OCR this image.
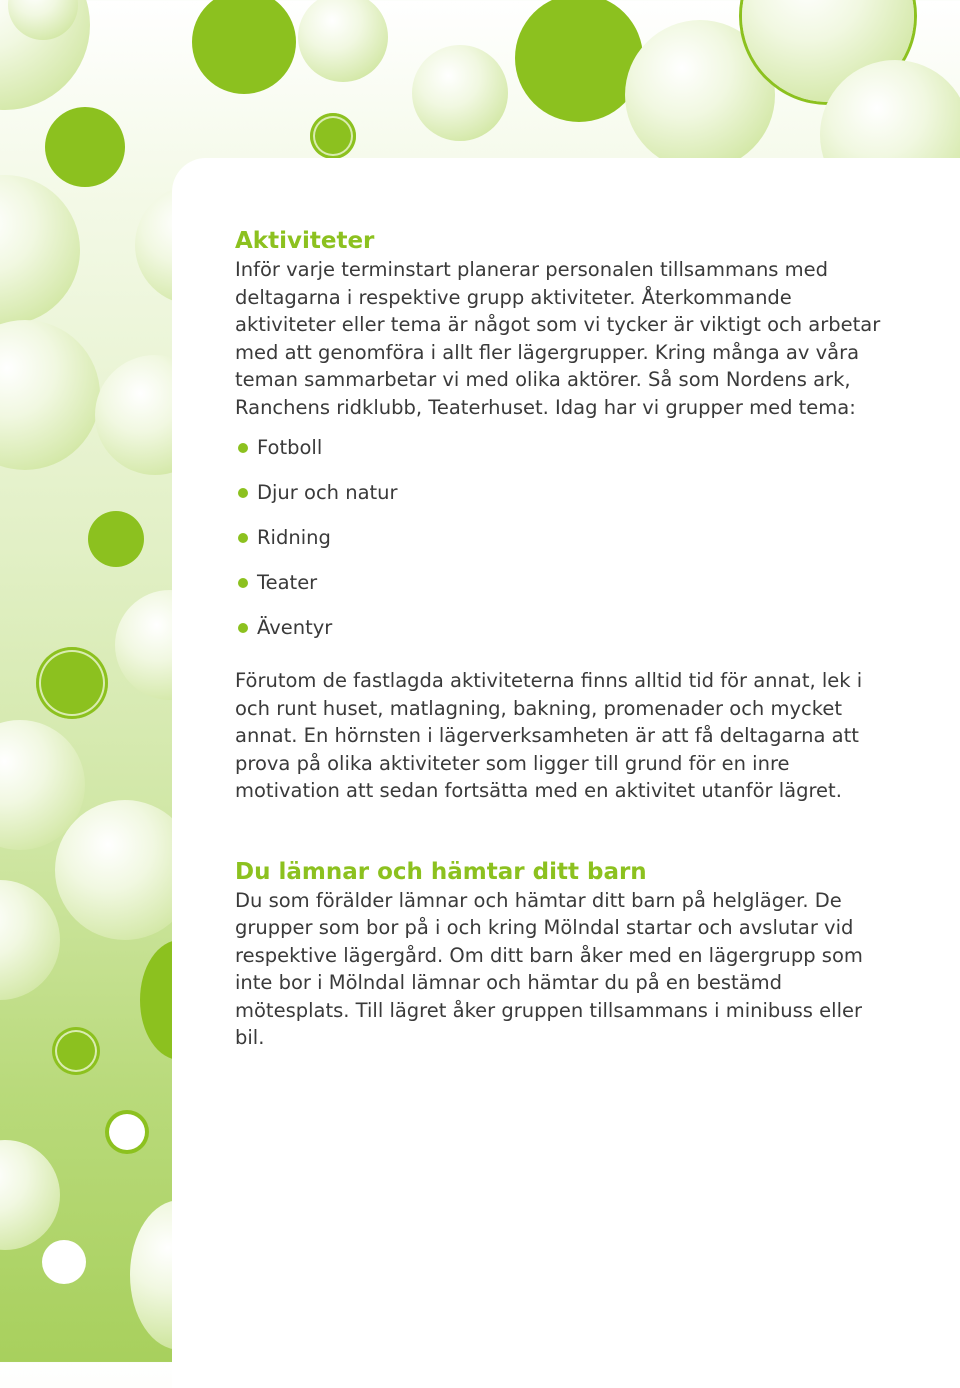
Aktiviteter

Inför varje terminstart planerar personalen tillsammans med deltagarna i respektive grupp aktiviteter. Återkommande aktiviteter eller tema är något som vi tycker är viktigt och arbetar med att genomföra i allt fler lägergrupper. Kring många av våra teman sammarbetar vi med olika aktörer. Så som Nordens ark, Ranchens ridklubb, Teaterhuset. Idag har vi grupper med tema:

Fotboll
Djur och natur
Ridning
Teater
Äventyr

Förutom de fastlagda aktiviteterna finns alltid tid för annat, lek i och runt huset, matlagning, bakning, promenader och mycket annat. En hörnsten i lägerverksamheten är att få deltagarna att prova på olika aktiviteter som ligger till grund för en inre motivation att sedan fortsätta med en aktivitet utanför lägret.

Du lämnar och hämtar ditt barn

Du som förälder lämnar och hämtar ditt barn på helgläger. De grupper som bor på i och kring Mölndal startar och avslutar vid respektive lägergård. Om ditt barn åker med en lägergrupp som inte bor i Mölndal lämnar och hämtar du på en bestämd mötesplats. Till lägret åker gruppen tillsammans i minibuss eller bil.
